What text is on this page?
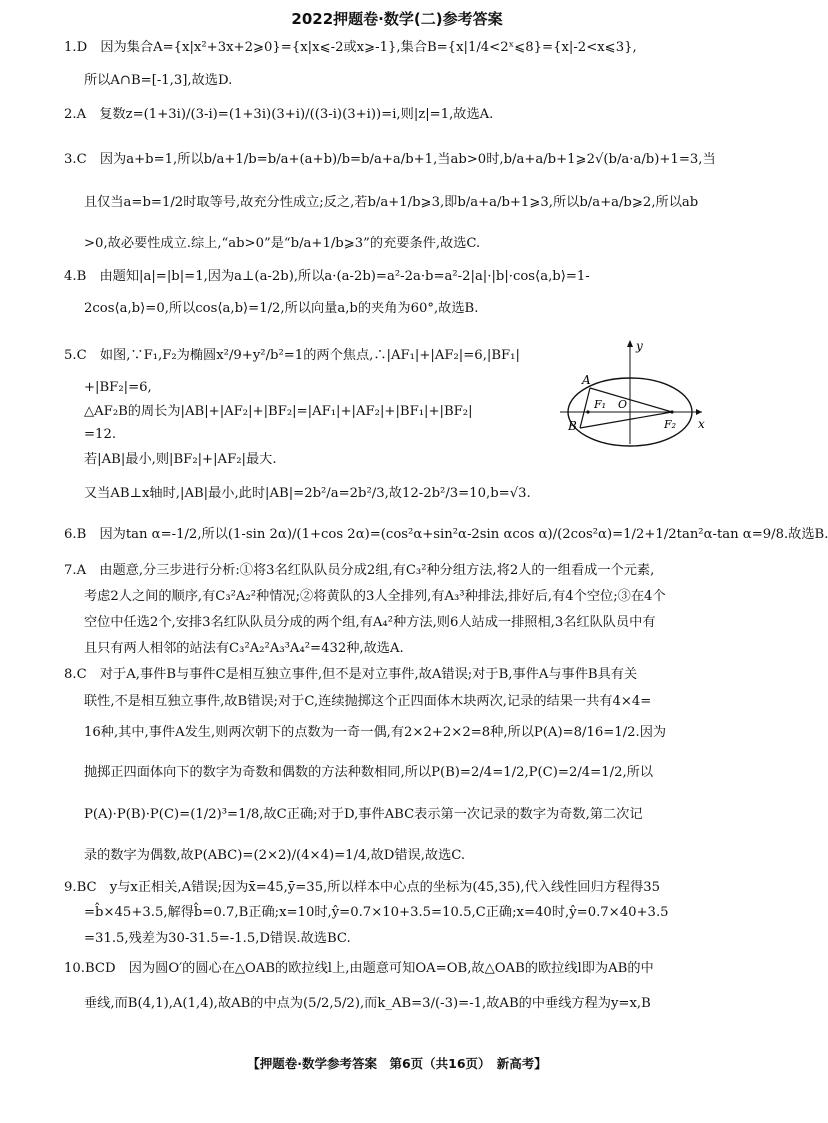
2022押题卷·数学(二)参考答案
1.D　因为集合A={x|x²+3x+2⩾0}={x|x⩽-2或x⩾-1},集合B={x|1/4<2ˣ⩽8}={x|-2<x⩽3},
所以A∩B=[-1,3],故选D.
2.A　复数z=(1+3i)/(3-i)=(1+3i)(3+i)/((3-i)(3+i))=i,则|z|=1,故选A.
3.C　因为a+b=1,所以b/a+1/b=b/a+(a+b)/b=b/a+a/b+1,当ab>0时,b/a+a/b+1⩾2√(b/a·a/b)+1=3,当
且仅当a=b=1/2时取等号,故充分性成立;反之,若b/a+1/b⩾3,即b/a+a/b+1⩾3,所以b/a+a/b⩾2,所以ab
>0,故必要性成立.综上,“ab>0”是“b/a+1/b⩾3”的充要条件,故选C.
4.B　由题知|a|=|b|=1,因为a⊥(a-2b),所以a·(a-2b)=a²-2a·b=a²-2|a|·|b|·cos⟨a,b⟩=1-
2cos⟨a,b⟩=0,所以cos⟨a,b⟩=1/2,所以向量a,b的夹角为60°,故选B.
5.C　如图,∵F₁,F₂为椭圆x²/9+y²/b²=1的两个焦点,∴|AF₁|+|AF₂|=6,|BF₁|
+|BF₂|=6,
△AF₂B的周长为|AB|+|AF₂|+|BF₂|=|AF₁|+|AF₂|+|BF₁|+|BF₂|
=12.
若|AB|最小,则|BF₂|+|AF₂|最大.
又当AB⊥x轴时,|AB|最小,此时|AB|=2b²/a=2b²/3,故12-2b²/3=10,b=√3.
6.B　因为tan α=-1/2,所以(1-sin 2α)/(1+cos 2α)=(cos²α+sin²α-2sin αcos α)/(2cos²α)=1/2+1/2tan²α-tan α=9/8.故选B.
7.A　由题意,分三步进行分析:①将3名红队队员分成2组,有C₃²种分组方法,将2人的一组看成一个元素,
考虑2人之间的顺序,有C₃²A₂²种情况;②将黄队的3人全排列,有A₃³种排法,排好后,有4个空位;③在4个
空位中任选2个,安排3名红队队员分成的两个组,有A₄²种方法,则6人站成一排照相,3名红队队员中有
且只有两人相邻的站法有C₃²A₂²A₃³A₄²=432种,故选A.
8.C　对于A,事件B与事件C是相互独立事件,但不是对立事件,故A错误;对于B,事件A与事件B具有关
联性,不是相互独立事件,故B错误;对于C,连续抛掷这个正四面体木块两次,记录的结果一共有4×4=
16种,其中,事件A发生,则两次朝下的点数为一奇一偶,有2×2+2×2=8种,所以P(A)=8/16=1/2.因为
抛掷正四面体向下的数字为奇数和偶数的方法种数相同,所以P(B)=2/4=1/2,P(C)=2/4=1/2,所以
P(A)·P(B)·P(C)=(1/2)³=1/8,故C正确;对于D,事件ABC表示第一次记录的数字为奇数,第二次记
录的数字为偶数,故P(ABC)=(2×2)/(4×4)=1/4,故D错误,故选C.
9.BC　y与x正相关,A错误;因为x̄=45,ȳ=35,所以样本中心点的坐标为(45,35),代入线性回归方程得35
=b̂×45+3.5,解得b̂=0.7,B正确;x=10时,ŷ=0.7×10+3.5=10.5,C正确;x=40时,ŷ=0.7×40+3.5
=31.5,残差为30-31.5=-1.5,D错误.故选BC.
10.BCD　因为圆O′的圆心在△OAB的欧拉线l上,由题意可知OA=OB,故△OAB的欧拉线l即为AB的中
垂线,而B(4,1),A(1,4),故AB的中点为(5/2,5/2),而k_AB=3/(-3)=-1,故AB的中垂线方程为y=x,B
y
x
A
B
F₁
F₂
O
【押题卷·数学参考答案　第6页（共16页）　新高考】
